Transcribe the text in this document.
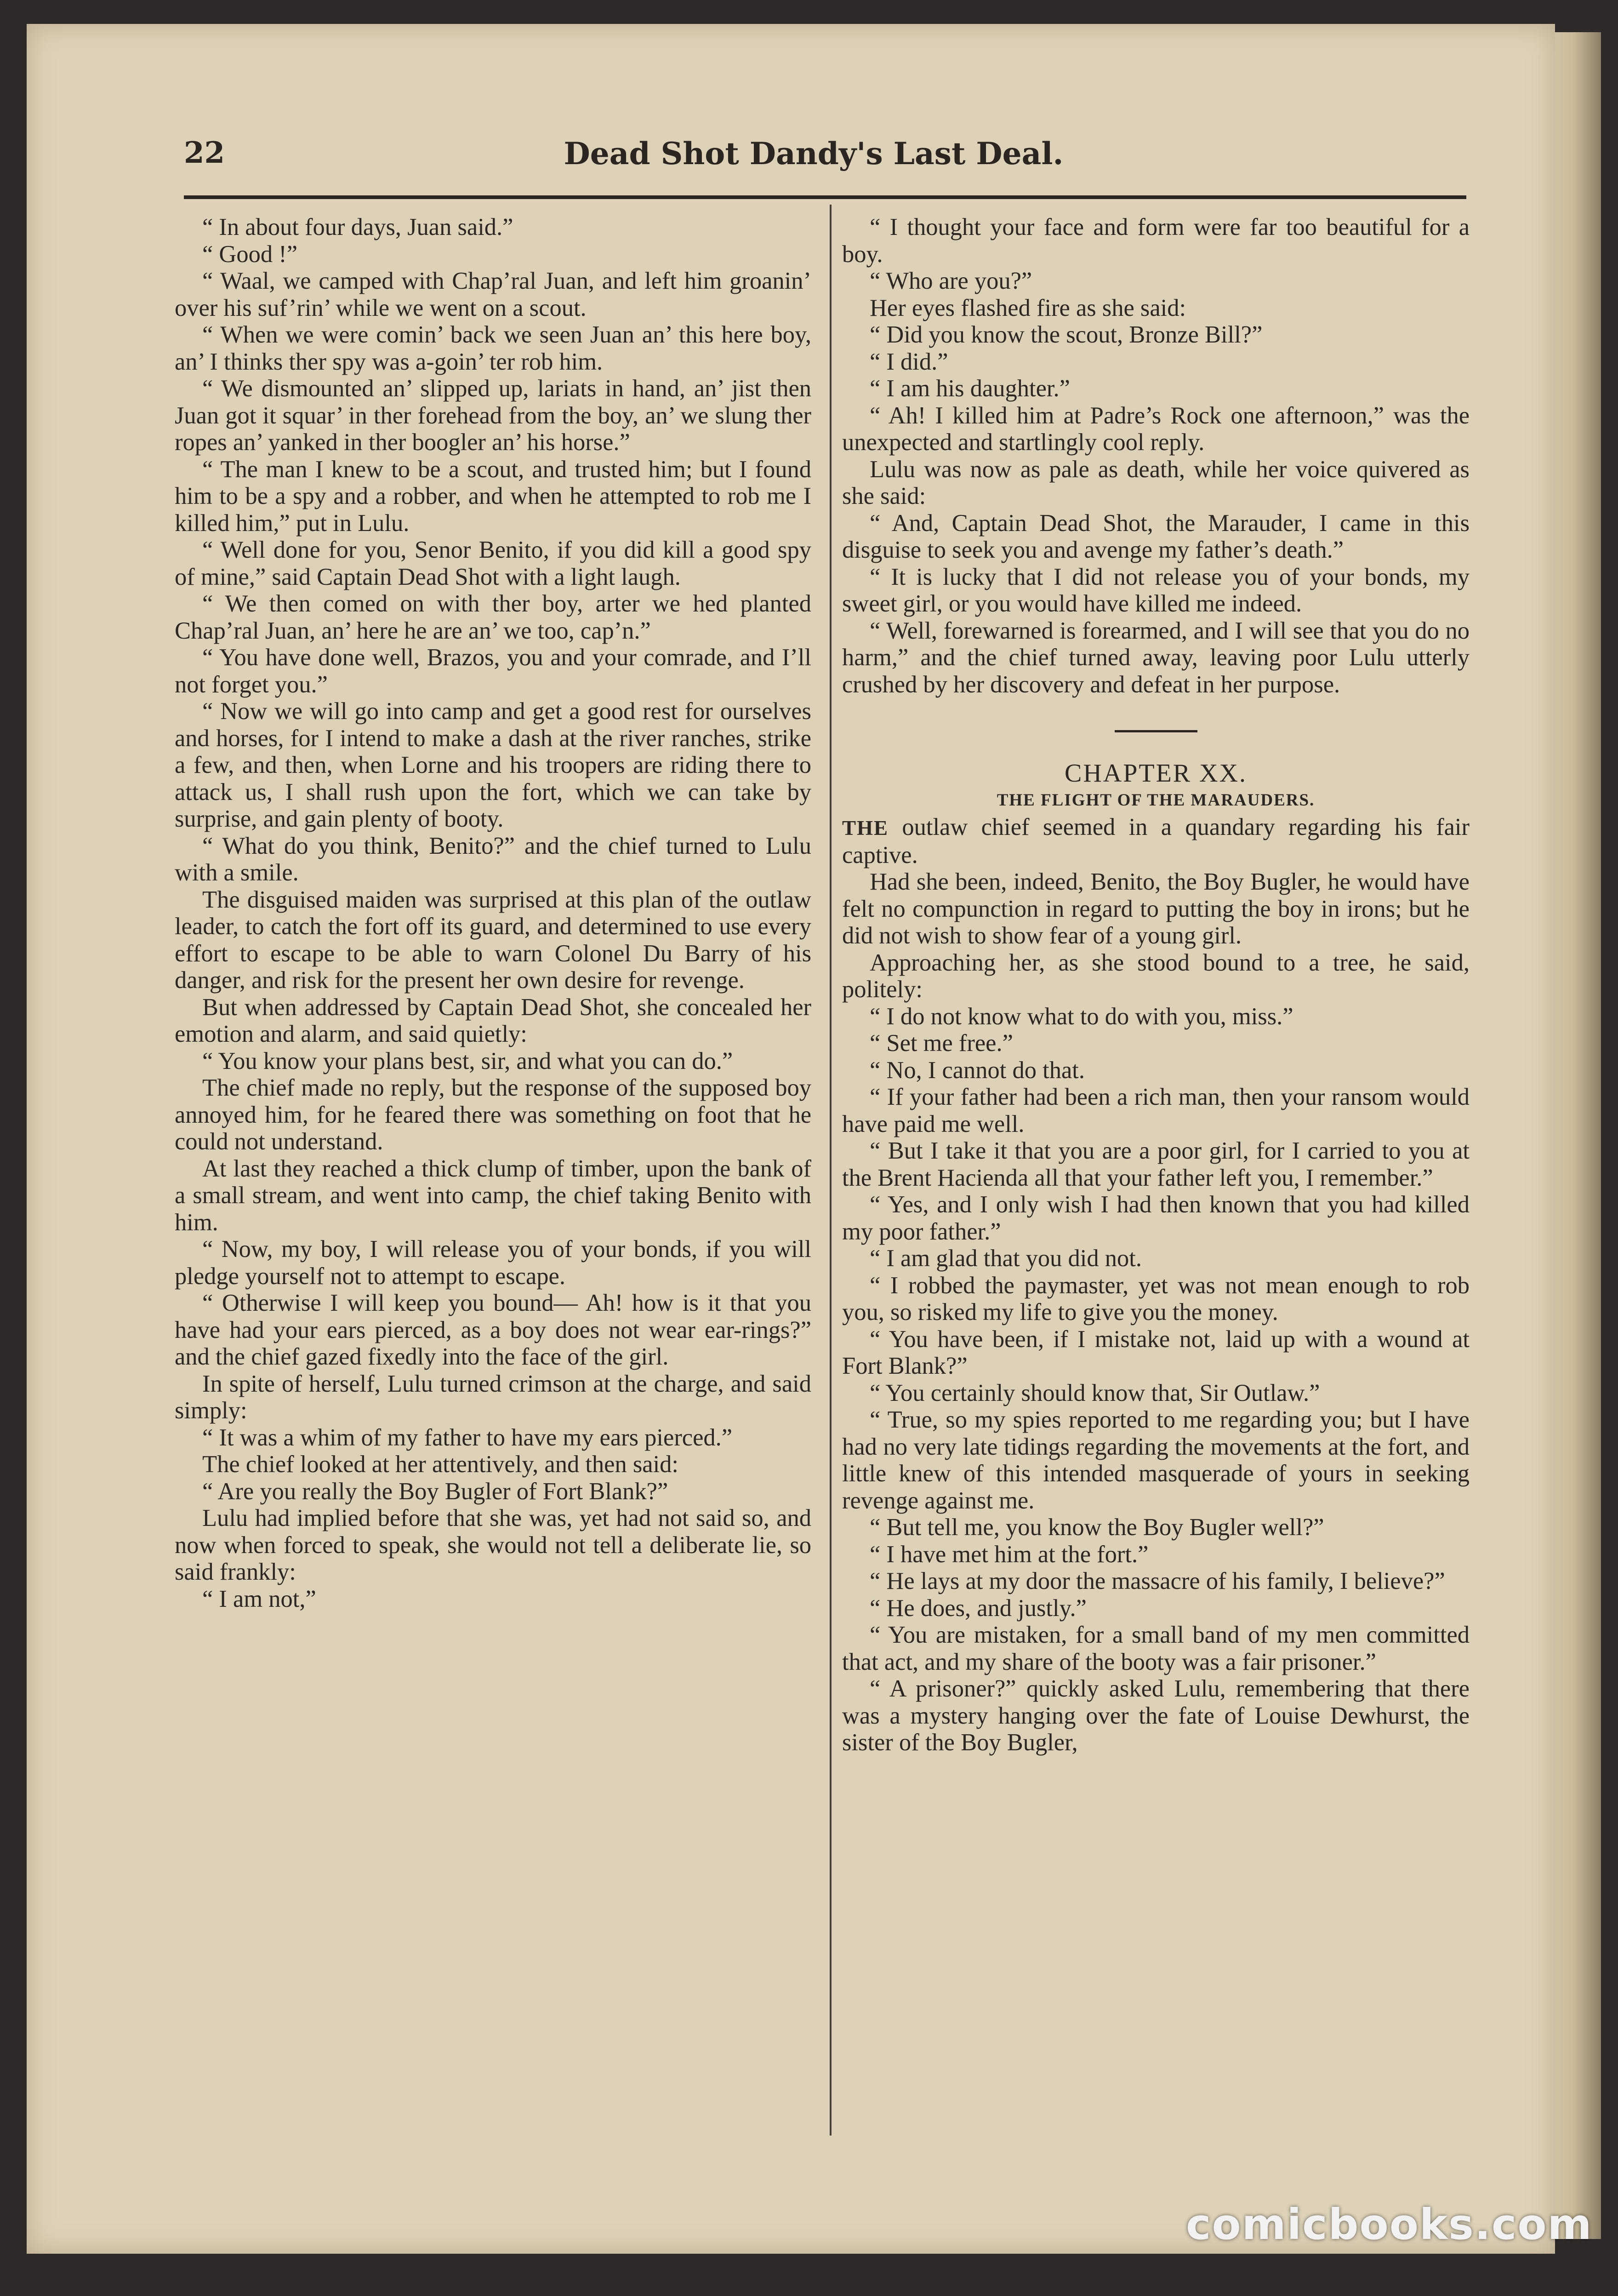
22	Dead Shot Dandy's Last Deal.

“ In about four days, Juan said.”

“ Good !”

“ Waal, we camped with Chap’ral Juan, and left him groanin’ over his suf’rin’ while we went on a scout.

“ When we were comin’ back we seen Juan an’ this here boy, an’ I thinks ther spy was a-goin’ ter rob him.

“ We dismounted an’ slipped up, lariats in hand, an’ jist then Juan got it squar’ in ther forehead from the boy, an’ we slung ther ropes an’ yanked in ther boogler an’ his horse.”

“ The man I knew to be a scout, and trusted him; but I found him to be a spy and a robber, and when he attempted to rob me I killed him,” put in Lulu.

“ Well done for you, Senor Benito, if you did kill a good spy of mine,” said Captain Dead Shot with a light laugh.

“ We then comed on with ther boy, arter we hed planted Chap’ral Juan, an’ here he are an’ we too, cap’n.”

“ You have done well, Brazos, you and your comrade, and I’ll not forget you.”

“ Now we will go into camp and get a good rest for ourselves and horses, for I intend to make a dash at the river ranches, strike a few, and then, when Lorne and his troopers are riding there to attack us, I shall rush upon the fort, which we can take by surprise, and gain plenty of booty.

“ What do you think, Benito?” and the chief turned to Lulu with a smile.

The disguised maiden was surprised at this plan of the outlaw leader, to catch the fort off its guard, and determined to use every effort to escape to be able to warn Colonel Du Barry of his danger, and risk for the present her own desire for revenge.

But when addressed by Captain Dead Shot, she concealed her emotion and alarm, and said quietly:

“ You know your plans best, sir, and what you can do.”

The chief made no reply, but the response of the supposed boy annoyed him, for he feared there was something on foot that he could not understand.

At last they reached a thick clump of timber, upon the bank of a small stream, and went into camp, the chief taking Benito with him.

“ Now, my boy, I will release you of your bonds, if you will pledge yourself not to attempt to escape.

“ Otherwise I will keep you bound— Ah! how is it that you have had your ears pierced, as a boy does not wear ear-rings?” and the chief gazed fixedly into the face of the girl.

In spite of herself, Lulu turned crimson at the charge, and said simply:

“ It was a whim of my father to have my ears pierced.”

The chief looked at her attentively, and then said:

“ Are you really the Boy Bugler of Fort Blank?”

Lulu had implied before that she was, yet had not said so, and now when forced to speak, she would not tell a deliberate lie, so said frankly:

“ I am not,”

“ I thought your face and form were far too beautiful for a boy.

“ Who are you?”

Her eyes flashed fire as she said:

“ Did you know the scout, Bronze Bill?”

“ I did.”

“ I am his daughter.”

“ Ah! I killed him at Padre’s Rock one afternoon,” was the unexpected and startlingly cool reply.

Lulu was now as pale as death, while her voice quivered as she said:

“ And, Captain Dead Shot, the Marauder, I came in this disguise to seek you and avenge my father’s death.”

“ It is lucky that I did not release you of your bonds, my sweet girl, or you would have killed me indeed.

“ Well, forewarned is forearmed, and I will see that you do no harm,” and the chief turned away, leaving poor Lulu utterly crushed by her discovery and defeat in her purpose.

CHAPTER XX.

THE FLIGHT OF THE MARAUDERS.

THE outlaw chief seemed in a quandary regarding his fair captive.

Had she been, indeed, Benito, the Boy Bugler, he would have felt no compunction in regard to putting the boy in irons; but he did not wish to show fear of a young girl.

Approaching her, as she stood bound to a tree, he said, politely:

“ I do not know what to do with you, miss.”

“ Set me free.”

“ No, I cannot do that.

“ If your father had been a rich man, then your ransom would have paid me well.

“ But I take it that you are a poor girl, for I carried to you at the Brent Hacienda all that your father left you, I remember.”

“ Yes, and I only wish I had then known that you had killed my poor father.”

“ I am glad that you did not.

“ I robbed the paymaster, yet was not mean enough to rob you, so risked my life to give you the money.

“ You have been, if I mistake not, laid up with a wound at Fort Blank?”

“ You certainly should know that, Sir Outlaw.”

“ True, so my spies reported to me regarding you; but I have had no very late tidings regarding the movements at the fort, and little knew of this intended masquerade of yours in seeking revenge against me.

“ But tell me, you know the Boy Bugler well?”

“ I have met him at the fort.”

“ He lays at my door the massacre of his family, I believe?”

“ He does, and justly.”

“ You are mistaken, for a small band of my men committed that act, and my share of the booty was a fair prisoner.”

“ A prisoner?” quickly asked Lulu, remembering that there was a mystery hanging over the fate of Louise Dewhurst, the sister of the Boy Bugler,

comicbooks.com
